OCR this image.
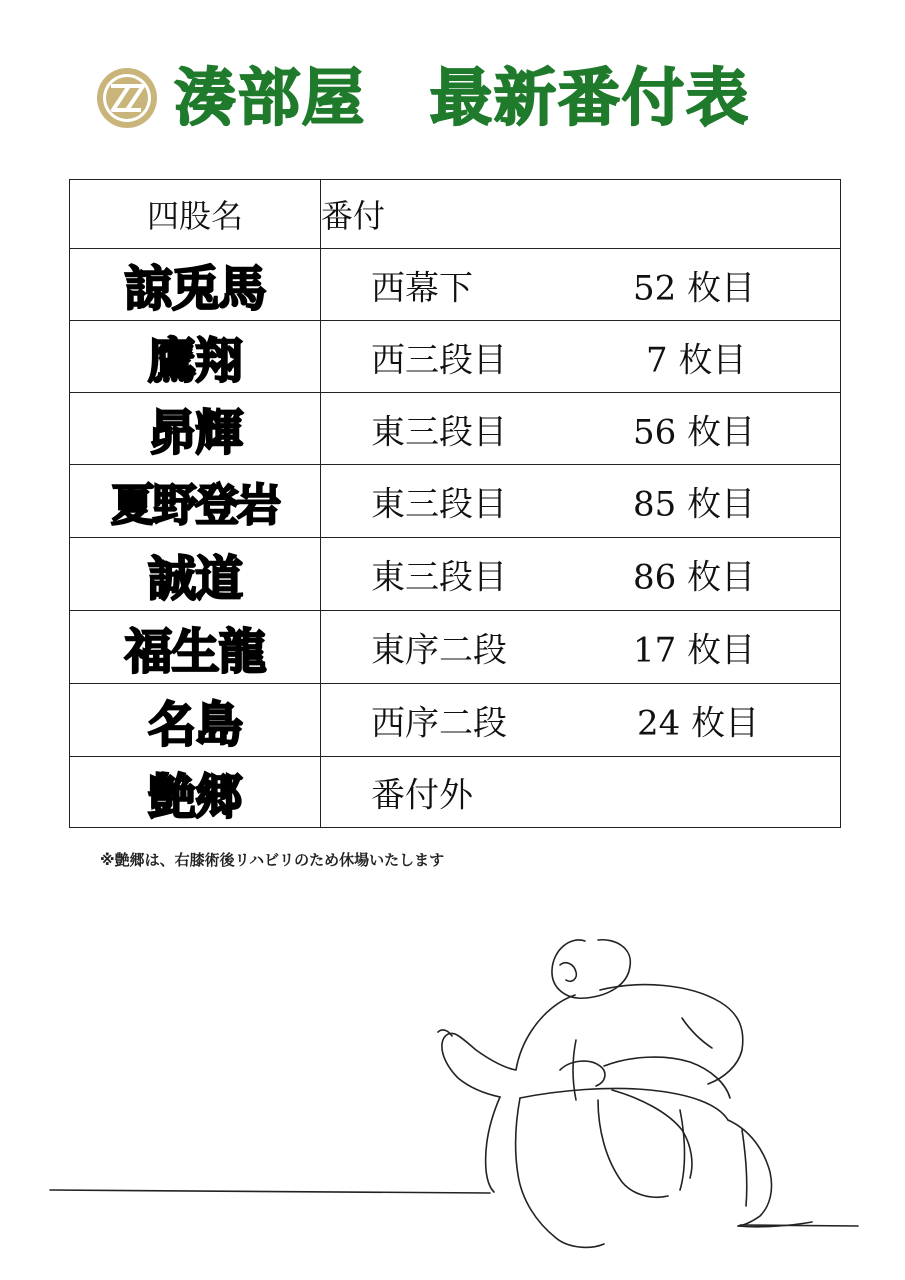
湊部屋　最新番付表
四股名	番付
諒兎馬	西幕下 52 枚目

鷹翔	西三段目 7 枚目

昴輝	東三段目 56 枚目

夏野登岩	東三段目 85 枚目

誠道	東三段目 86 枚目

福生龍	東序二段 17 枚目

名島	西序二段 24 枚目

艶郷	番付外
※艶郷は、右膝術後リハビリのため休場いたします
